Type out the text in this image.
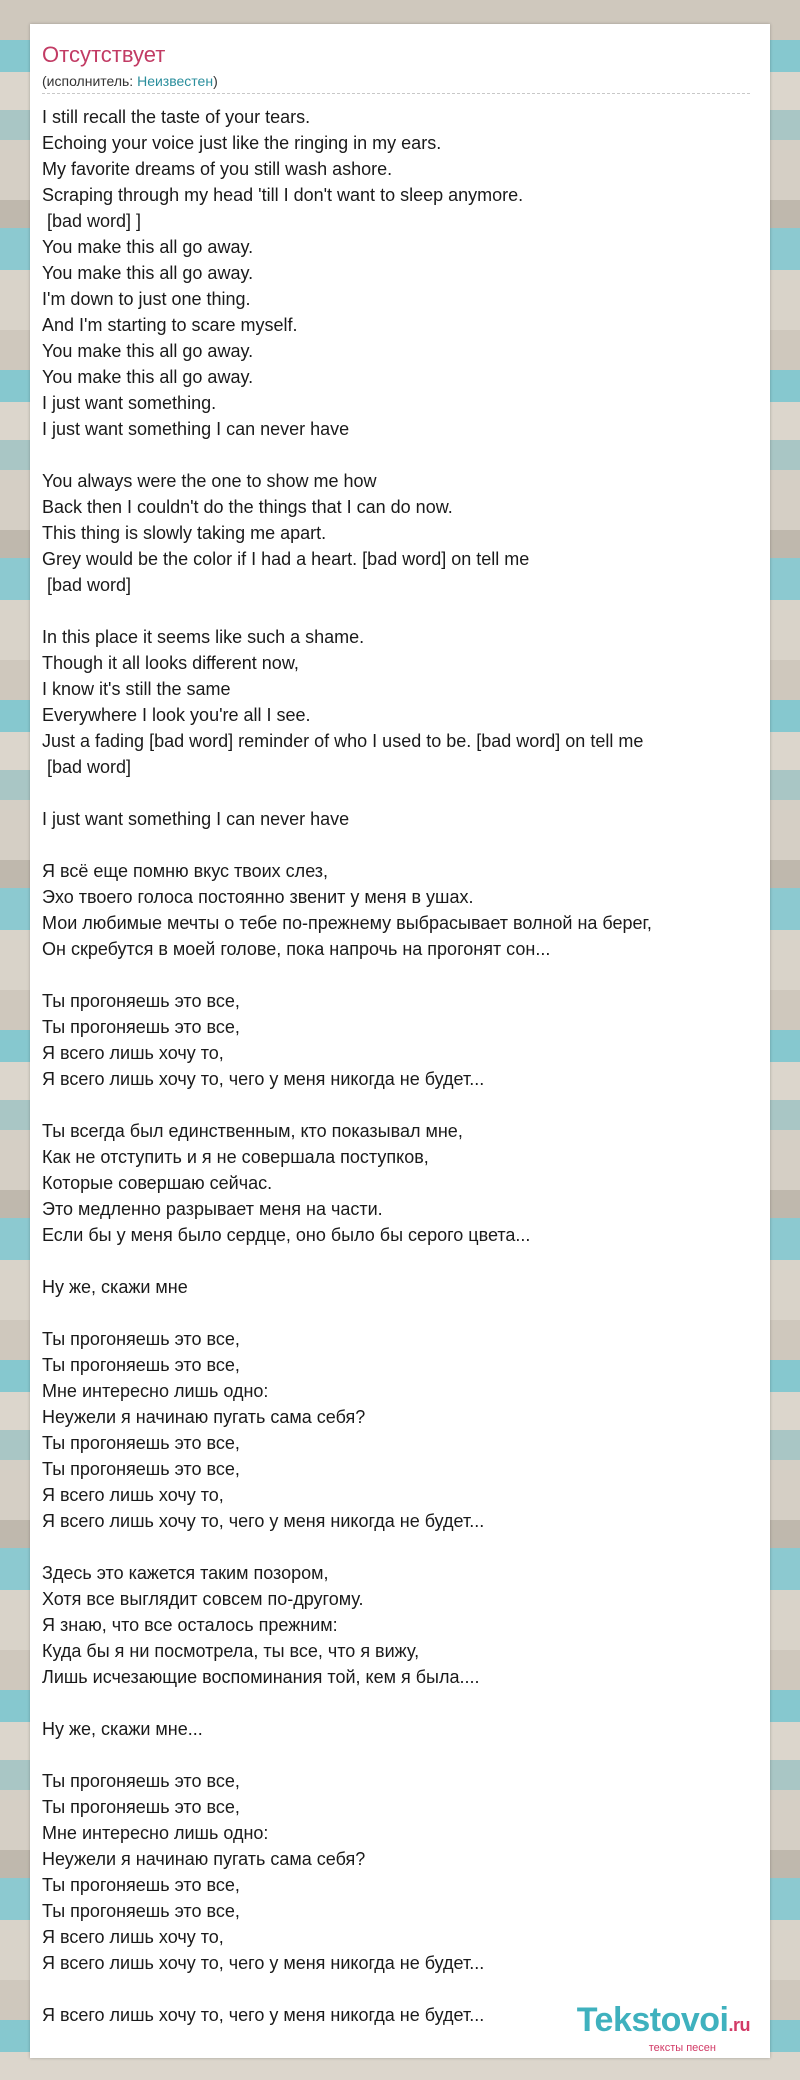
Отсутствует
(исполнитель: Неизвестен)
I still recall the taste of your tears.
Echoing your voice just like the ringing in my ears.
My favorite dreams of you still wash ashore.
Scraping through my head 'till I don't want to sleep anymore.
[bad word] ]
You make this all go away.
You make this all go away.
I'm down to just one thing.
And I'm starting to scare myself.
You make this all go away.
You make this all go away.
I just want something.
I just want something I can never have
You always were the one to show me how
Back then I couldn't do the things that I can do now.
This thing is slowly taking me apart.
Grey would be the color if I had a heart. [bad word] on tell me
[bad word]
In this place it seems like such a shame.
Though it all looks different now,
I know it's still the same
Everywhere I look you're all I see.
Just a fading [bad word] reminder of who I used to be. [bad word] on tell me
[bad word]
I just want something I can never have
Я всё еще помню вкус твоих слез,
Эхо твоего голоса постоянно звенит у меня в ушах.
Мои любимые мечты о тебе по-прежнему выбрасывает волной на берег,
Он скребутся в моей голове, пока напрочь на прогонят сон...
Ты прогоняешь это все,
Ты прогоняешь это все,
Я всего лишь хочу то,
Я всего лишь хочу то, чего у меня никогда не будет...
Ты всегда был единственным, кто показывал мне,
Как не отступить и я не совершала поступков,
Которые совершаю сейчас.
Это медленно разрывает меня на части.
Если бы у меня было сердце, оно было бы серого цвета...
Ну же, скажи мне
Ты прогоняешь это все,
Ты прогоняешь это все,
Мне интересно лишь одно:
Неужели я начинаю пугать сама себя?
Ты прогоняешь это все,
Ты прогоняешь это все,
Я всего лишь хочу то,
Я всего лишь хочу то, чего у меня никогда не будет...
Здесь это кажется таким позором,
Хотя все выглядит совсем по-другому.
Я знаю, что все осталось прежним:
Куда бы я ни посмотрела, ты все, что я вижу,
Лишь исчезающие воспоминания той, кем я была....
Ну же, скажи мне...
Ты прогоняешь это все,
Ты прогоняешь это все,
Мне интересно лишь одно:
Неужели я начинаю пугать сама себя?
Ты прогоняешь это все,
Ты прогоняешь это все,
Я всего лишь хочу то,
Я всего лишь хочу то, чего у меня никогда не будет...
Я всего лишь хочу то, чего у меня никогда не будет...	Tekstovoi.ru
тексты песен
